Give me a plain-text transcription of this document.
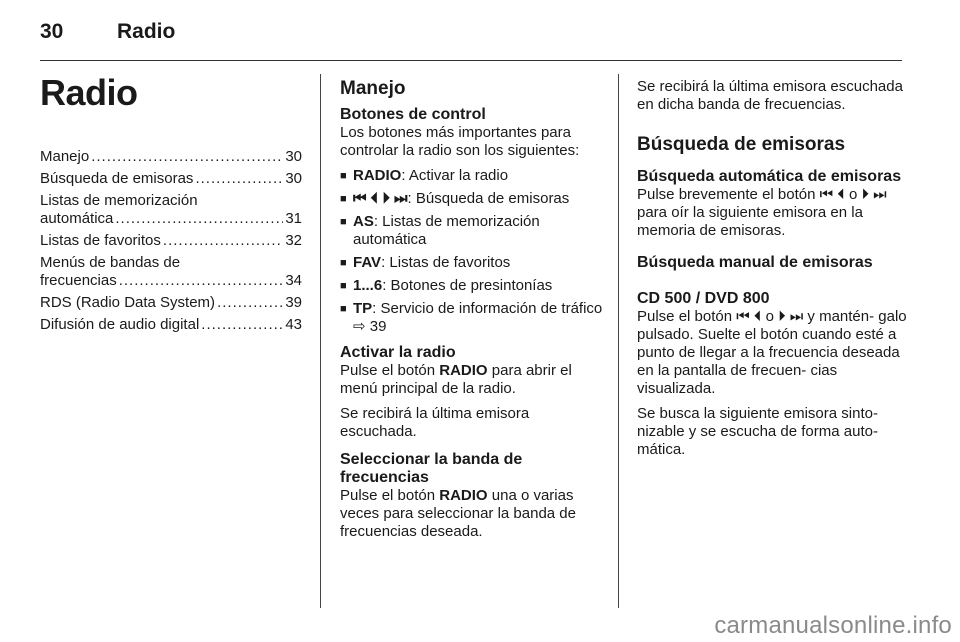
30	Radio
Radio
Manejo .....	30
Búsqueda de emisoras .....	30
Listas de memorización
automática .....	31
Listas de favoritos .....	32
Menús de bandas de
frecuencias .....	34
RDS (Radio Data System) .....	39
Difusión de audio digital .....	43
Manejo
Botones de control

Los botones más importantes para controlar la radio son los siguientes:

■ RADIO: Activar la radio
■ ⏮ ⏴ ⏵ ⏭: Búsqueda de emisoras
■ AS: Listas de memorización automática
■ FAV: Listas de favoritos
■ 1...6: Botones de presintonías
■ TP: Servicio de información de tráfico ⇨ 39
Activar la radio

Pulse el botón RADIO para abrir el menú principal de la radio.

Se recibirá la última emisora escuchada.

Seleccionar la banda de frecuencias

Pulse el botón RADIO una o varias veces para seleccionar la banda de frecuencias deseada.

Se recibirá la última emisora escuchada en dicha banda de frecuencias.

Búsqueda de emisoras
Búsqueda automática de emisoras

Pulse brevemente el botón ⏮ ⏴ o ⏵ ⏭ para oír la siguiente emisora en la memoria de emisoras.

Búsqueda manual de emisoras
CD 500 / DVD 800

Pulse el botón ⏮ ⏴ o ⏵ ⏭ y mantén- galo pulsado. Suelte el botón cuando esté a punto de llegar a la frecuencia deseada en la pantalla de frecuen- cias visualizada.

Se busca la siguiente emisora sinto- nizable y se escucha de forma auto- mática.

carmanualsonline.info
